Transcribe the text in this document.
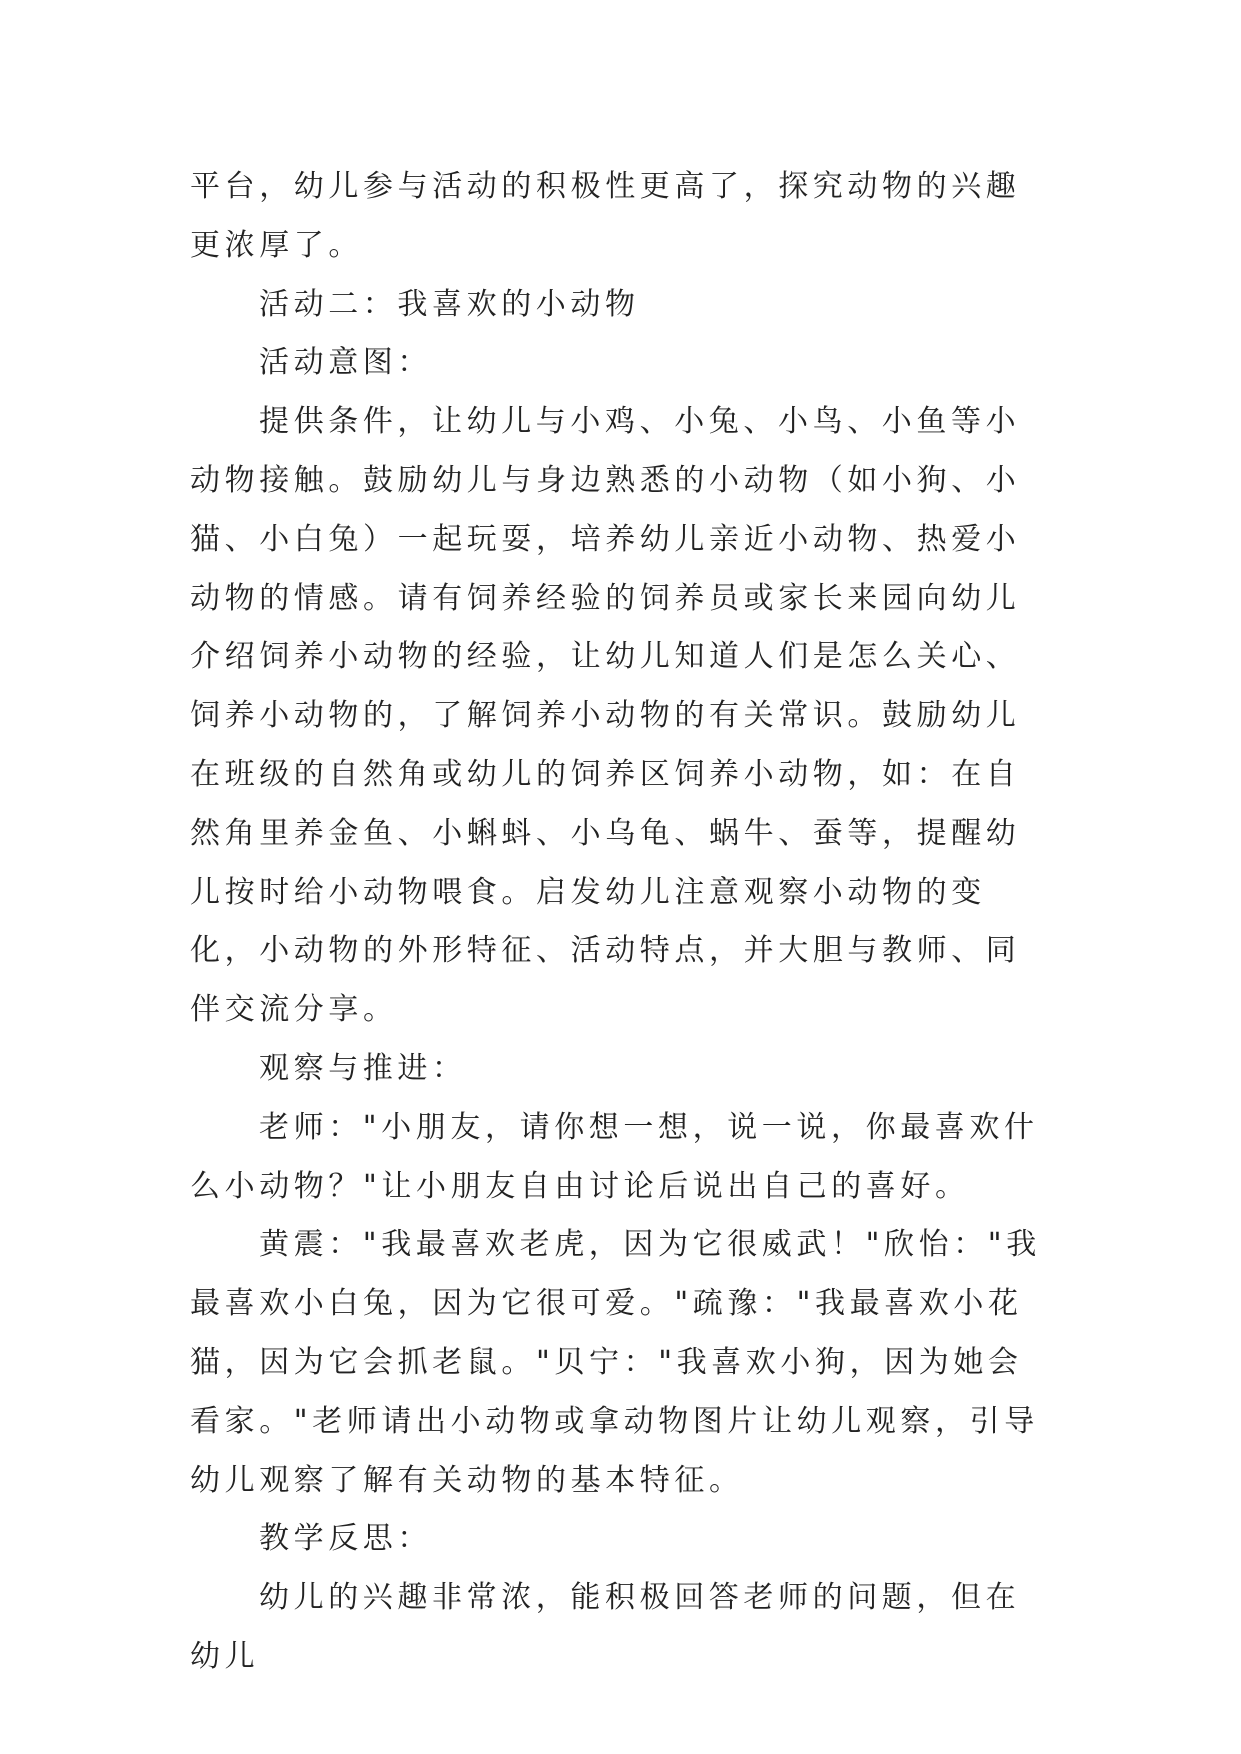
平台，幼儿参与活动的积极性更高了，探究动物的兴趣更浓厚了。

活动二：我喜欢的小动物

活动意图：

提供条件，让幼儿与小鸡、小兔、小鸟、小鱼等小动物接触。鼓励幼儿与身边熟悉的小动物（如小狗、小猫、小白兔）一起玩耍，培养幼儿亲近小动物、热爱小动物的情感。请有饲养经验的饲养员或家长来园向幼儿介绍饲养小动物的经验，让幼儿知道人们是怎么关心、饲养小动物的，了解饲养小动物的有关常识。鼓励幼儿在班级的自然角或幼儿的饲养区饲养小动物，如：在自然角里养金鱼、小蝌蚪、小乌龟、蜗牛、蚕等，提醒幼儿按时给小动物喂食。启发幼儿注意观察小动物的变化，小动物的外形特征、活动特点，并大胆与教师、同伴交流分享。

观察与推进：

老师："小朋友，请你想一想，说一说，你最喜欢什么小动物？"让小朋友自由讨论后说出自己的喜好。

黄震："我最喜欢老虎，因为它很威武！"欣怡："我最喜欢小白兔，因为它很可爱。"疏豫："我最喜欢小花猫，因为它会抓老鼠。"贝宁："我喜欢小狗，因为她会看家。"老师请出小动物或拿动物图片让幼儿观察，引导幼儿观察了解有关动物的基本特征。

教学反思：

幼儿的兴趣非常浓，能积极回答老师的问题，但在幼儿
